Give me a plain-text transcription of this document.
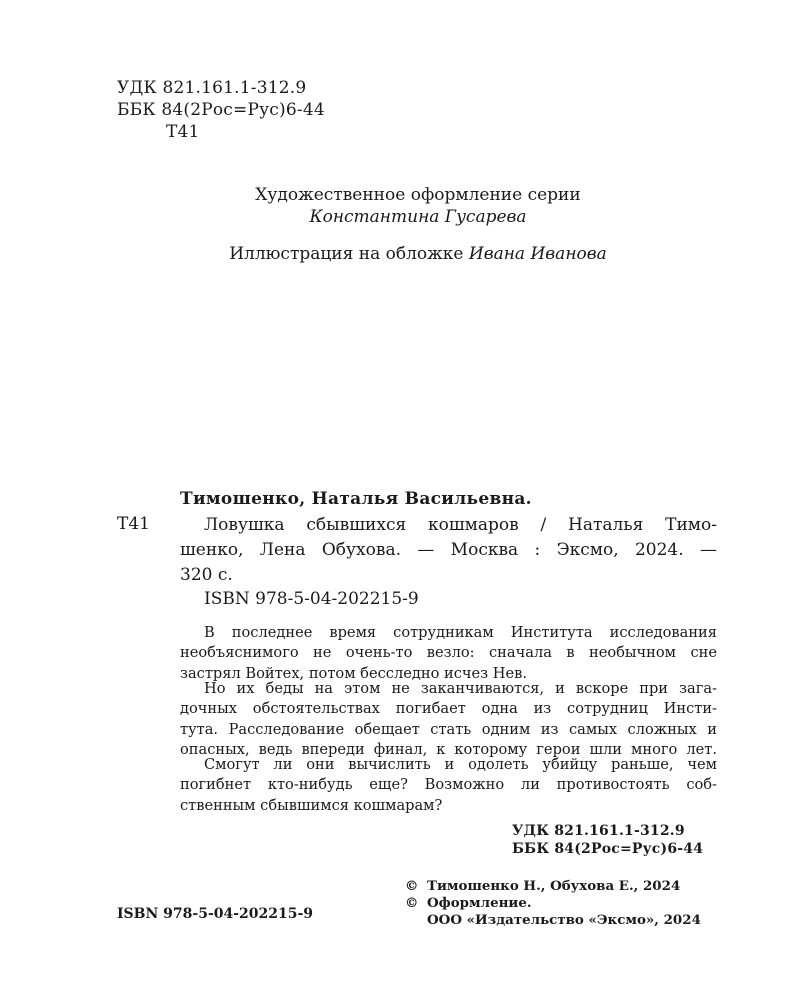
УДК 821.161.1-312.9
ББК 84(2Рос=Рус)6-44
Т41
Художественное оформление серии
Константина Гусарева
Иллюстрация на обложке Ивана Иванова
Тимошенко, Наталья Васильевна.
Т41	Ловушка сбывшихся кошмаров / Наталья Тимо-
шенко, Лена Обухова. — Москва : Эксмо, 2024. —
320 с.
ISBN 978-5-04-202215-9
В последнее время сотрудникам Института исследования
необъяснимого не очень-то везло: сначала в необычном сне
застрял Войтех, потом бесследно исчез Нев.
Но их беды на этом не заканчиваются, и вскоре при зага-
дочных обстоятельствах погибает одна из сотрудниц Инсти-
тута. Расследование обещает стать одним из самых сложных и
опасных, ведь впереди финал, к которому герои шли много лет.
Смогут ли они вычислить и одолеть убийцу раньше, чем
погибнет кто-нибудь еще? Возможно ли противостоять соб-
ственным сбывшимся кошмарам?
УДК 821.161.1-312.9
ББК 84(2Рос=Рус)6-44
ISBN 978-5-04-202215-9
© Тимошенко Н., Обухова Е., 2024
© Оформление.
ООО «Издательство «Эксмо», 2024
